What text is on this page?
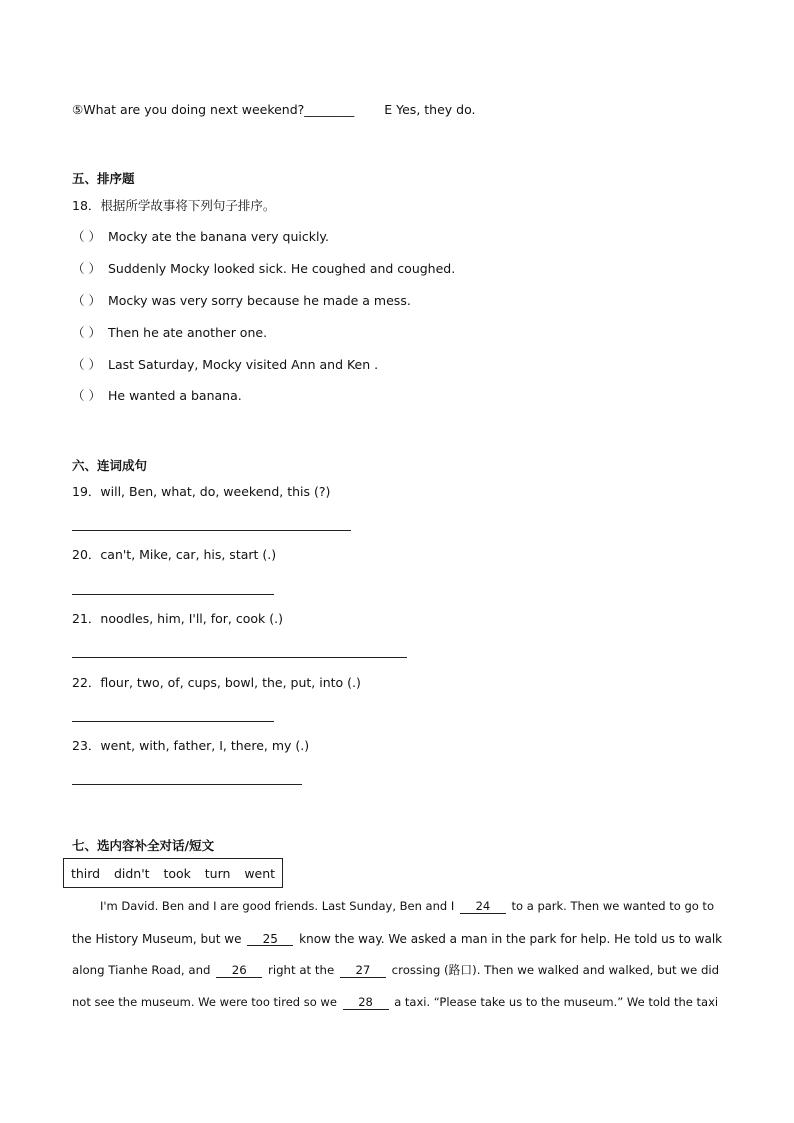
⑤What are you doing next weekend?________ E Yes, they do.
五、排序题
18．根据所学故事将下列句子排序。
（ ） Mocky ate the banana very quickly.
（ ） Suddenly Mocky looked sick. He coughed and coughed.
（ ） Mocky was very sorry because he made a mess.
（ ） Then he ate another one.
（ ） Last Saturday, Mocky visited Ann and Ken .
（ ） He wanted a banana.
六、连词成句
19．will, Ben, what, do, weekend, this (?)
20．can't, Mike, car, his, start (.)
21．noodles, him, I'll, for, cook (.)
22．flour, two, of, cups, bowl, the, put, into (.)
23．went, with, father, I, there, my (.)
七、选内容补全对话/短文
third didn't took turn went
I'm David. Ben and I are good friends. Last Sunday, Ben and I 24 to a park. Then we wanted to go to
the History Museum, but we 25 know the way. We asked a man in the park for help. He told us to walk
along Tianhe Road, and 26 right at the 27 crossing (路口). Then we walked and walked, but we did
not see the museum. We were too tired so we 28 a taxi. “Please take us to the museum.” We told the taxi
